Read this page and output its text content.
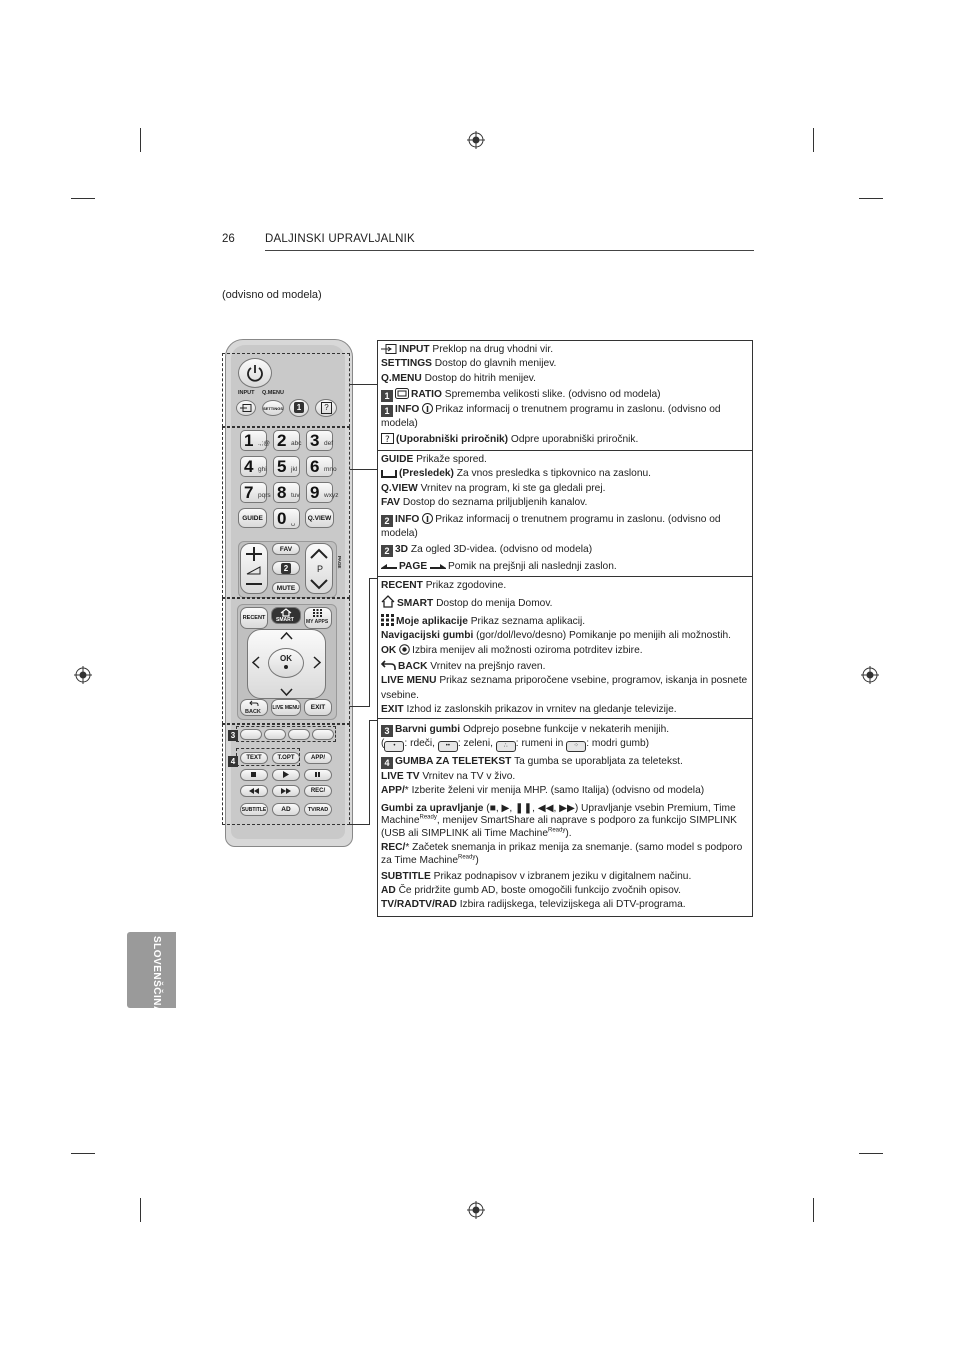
26	DALJINSKI UPRAVLJALNIK
(odvisno od modela)
SLOVENŠČINA
INPUT Q.MENU
SETTINGS	1	?
1 .,;@ 2 abc 3 def
4 ghi 5 jkl 6 mno
7 pqrs 8 tuv 9 wxyz
GUIDE 0 ␣
Q.VIEW
FAV
2
MUTE
P
PAGE
RECENT	SMART MY APPS
OK
BACK
LIVE MENU	EXIT
TEXT	T.OPT	APP/
REC/
SUBTITLE	AD	TV/RAD
3
4

INPUT Preklop na drug vhodni vir.

SETTINGS Dostop do glavnih menijev.

Q.MENU Dostop do hitrih menijev.

1 RATIO Sprememba velikosti slike. (odvisno od modela)

1 INFO Prikaz informacij o trenutnem programu in zaslonu. (odvisno od modela)

? (Uporabniški priročnik) Odpre uporabniški priročnik.

GUIDE Prikaže spored.

(Presledek) Za vnos presledka s tipkovnico na zaslonu.

Q.VIEW Vrnitev na program, ki ste ga gledali prej.

FAV Dostop do seznama priljubljenih kanalov.

2 INFO Prikaz informacij o trenutnem programu in zaslonu. (odvisno od modela)

2 3D Za ogled 3D-videa. (odvisno od modela)

PAGE Pomik na prejšnji ali naslednji zaslon.

RECENT Prikaz zgodovine.

SMART Dostop do menija Domov.

Moje aplikacije Prikaz seznama aplikacij.

Navigacijski gumbi (gor/dol/levo/desno) Pomikanje po menijih ali možnostih.

OK Izbira menijev ali možnosti oziroma potrditev izbire.

BACK Vrnitev na prejšnjo raven.

LIVE MENU Prikaz seznama priporočene vsebine, programov, iskanja in posnete vsebine.

EXIT Izhod iz zaslonskih prikazov in vrnitev na gledanje televizije.

3 Barvni gumbi Odprejo posebne funkcije v nekaterih menijih.

( • : rdeči, •• : zeleni, ∴ : rumeni in ⁘ : modri gumb)

4 GUMBA ZA TELETEKST Ta gumba se uporabljata za teletekst.

LIVE TV Vrnitev na TV v živo.

APP/* Izberite želeni vir menija MHP. (samo Italija) (odvisno od modela)

Gumbi za upravljanje (■, ▶, ❚❚, ◀◀, ▶▶) Upravljanje vsebin Premium, Time Machine$^{Ready}$, menijev SmartShare ali naprave s podporo za funkcijo SIMPLINK (USB ali SIMPLINK ali Time Machine$^{Ready}$).

REC/* Začetek snemanja in prikaz menija za snemanje. (samo model s podporo za Time Machine$^{Ready}$)

SUBTITLE Prikaz podnapisov v izbranem jeziku v digitalnem načinu.

AD Če pridržite gumb AD, boste omogočili funkcijo zvočnih opisov.

TV/RADTV/RAD Izbira radijskega, televizijskega ali DTV-programa.
